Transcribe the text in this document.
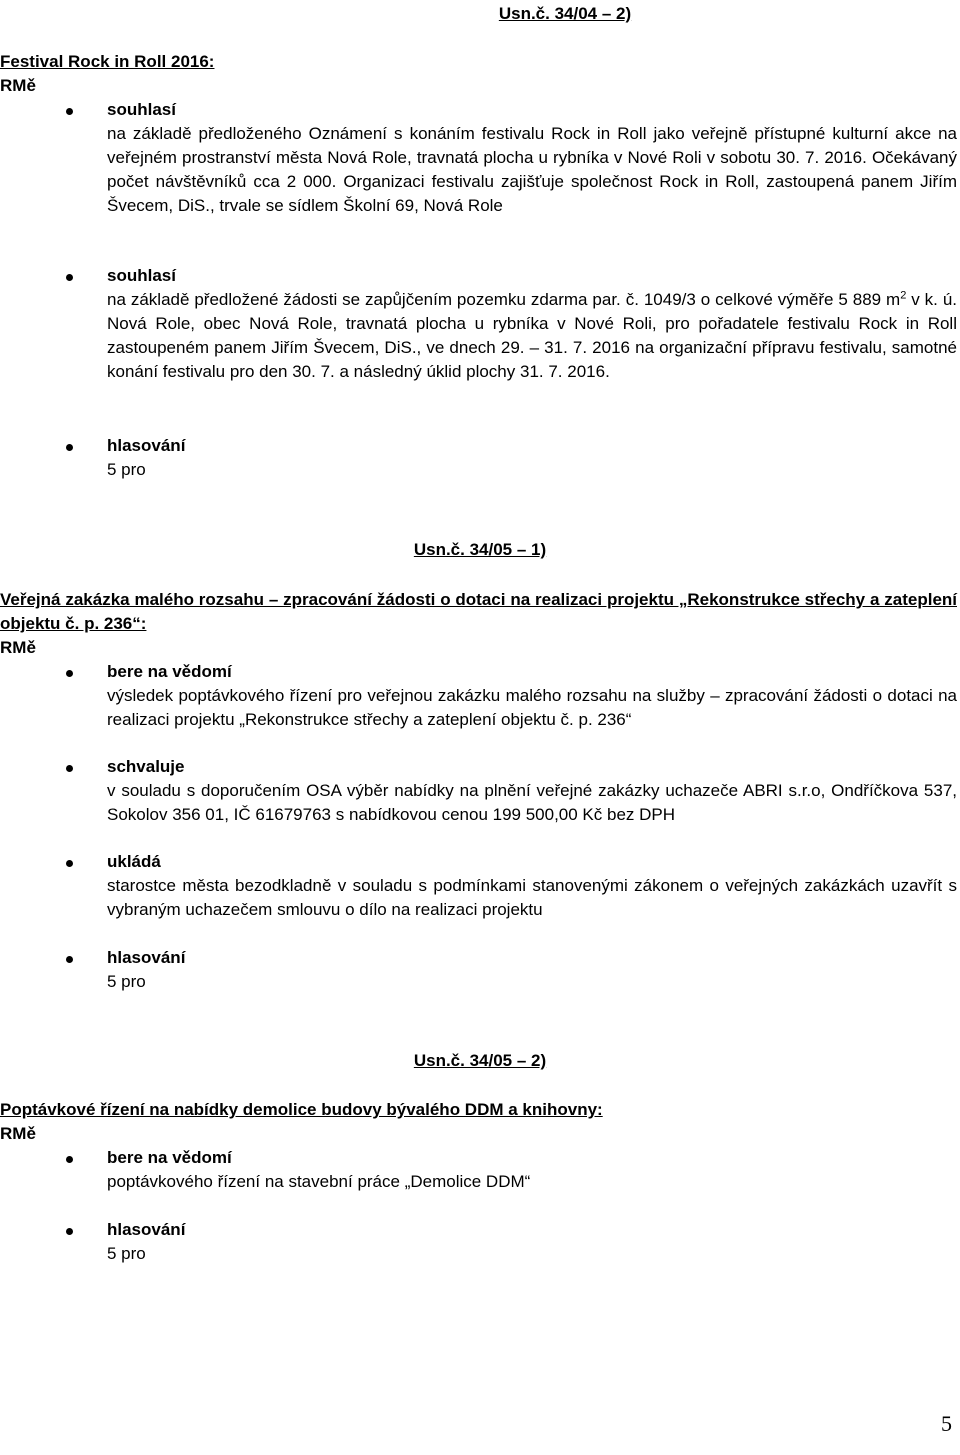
Usn.č. 34/04 – 2)
Festival Rock in Roll 2016:
RMě
souhlasí
na základě předloženého Oznámení s konáním festivalu Rock in Roll jako veřejně přístupné kulturní akce na veřejném prostranství města Nová Role, travnatá plocha u rybníka v Nové Roli v sobotu 30. 7. 2016. Očekávaný počet návštěvníků cca 2 000. Organizaci festivalu zajišťuje společnost Rock in Roll, zastoupená panem Jiřím Švecem, DiS., trvale se sídlem Školní 69, Nová Role
souhlasí
na základě předložené žádosti se zapůjčením pozemku zdarma par. č. 1049/3 o celkové výměře 5 889 $m^2$ v k. ú. Nová Role, obec Nová Role, travnatá plocha u rybníka v Nové Roli, pro pořadatele festivalu Rock in Roll zastoupeném panem Jiřím Švecem, DiS., ve dnech 29. – 31. 7. 2016 na organizační přípravu festivalu, samotné konání festivalu pro den 30. 7. a následný úklid plochy 31. 7. 2016.
hlasování
5 pro
Usn.č. 34/05 – 1)
Veřejná zakázka malého rozsahu – zpracování žádosti o dotaci na realizaci projektu „Rekonstrukce střechy a zateplení objektu č. p. 236“:
RMě
bere na vědomí
výsledek poptávkového řízení pro veřejnou zakázku malého rozsahu na služby – zpracování žádosti o dotaci na realizaci projektu „Rekonstrukce střechy a zateplení objektu č. p. 236“
schvaluje
v souladu s doporučením OSA výběr nabídky na plnění veřejné zakázky uchazeče ABRI s.r.o, Ondříčkova 537, Sokolov 356 01, IČ 61679763 s nabídkovou cenou 199 500,00 Kč bez DPH
ukládá
starostce města bezodkladně v souladu s podmínkami stanovenými zákonem o veřejných zakázkách uzavřít s vybraným uchazečem smlouvu o dílo na realizaci projektu
hlasování
5 pro
Usn.č. 34/05 – 2)
Poptávkové řízení na nabídky demolice budovy bývalého DDM a knihovny:
RMě
bere na vědomí
poptávkového řízení na stavební práce „Demolice DDM“
hlasování
5 pro
5
